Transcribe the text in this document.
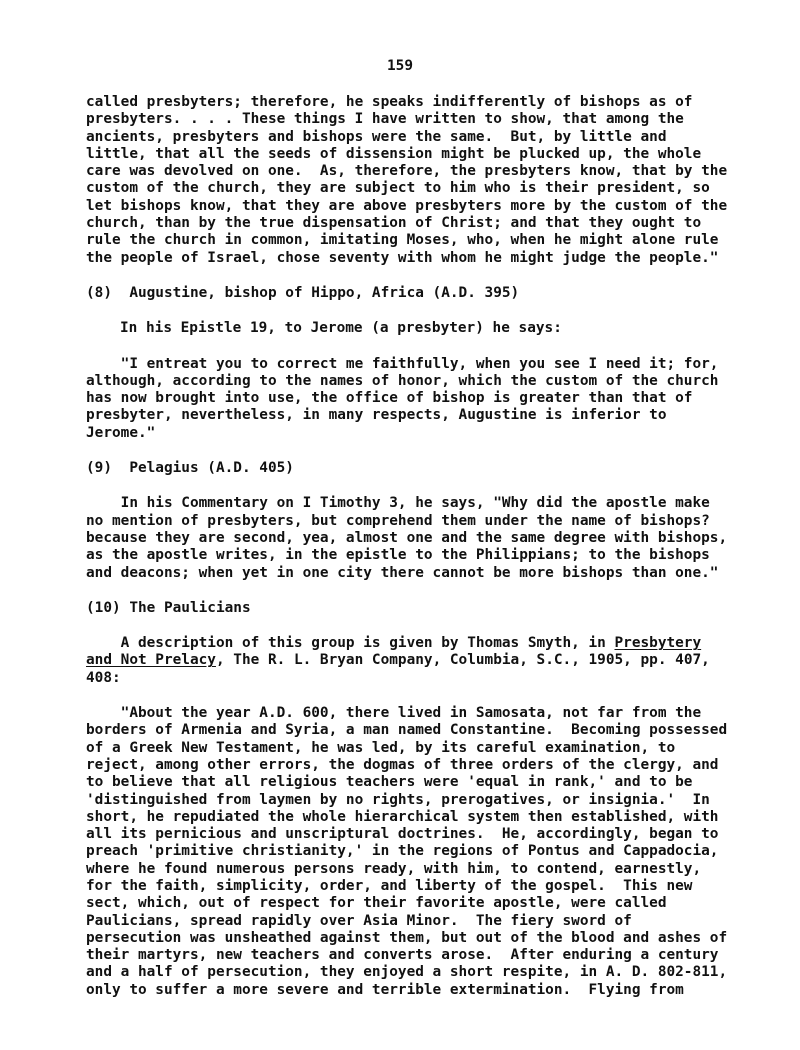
159
called presbyters; therefore, he speaks indifferently of bishops as of
presbyters. . . . These things I have written to show, that among the
ancients, presbyters and bishops were the same.  But, by little and
little, that all the seeds of dissension might be plucked up, the whole
care was devolved on one.  As, therefore, the presbyters know, that by the
custom of the church, they are subject to him who is their president, so
let bishops know, that they are above presbyters more by the custom of the
church, than by the true dispensation of Christ; and that they ought to
rule the church in common, imitating Moses, who, when he might alone rule
the people of Israel, chose seventy with whom he might judge the people."
(8)  Augustine, bishop of Hippo, Africa (A.D. 395)
In his Epistle 19, to Jerome (a presbyter) he says:
"I entreat you to correct me faithfully, when you see I need it; for,
although, according to the names of honor, which the custom of the church
has now brought into use, the office of bishop is greater than that of
presbyter, nevertheless, in many respects, Augustine is inferior to
Jerome."
(9)  Pelagius (A.D. 405)
In his Commentary on I Timothy 3, he says, "Why did the apostle make
no mention of presbyters, but comprehend them under the name of bishops?
because they are second, yea, almost one and the same degree with bishops,
as the apostle writes, in the epistle to the Philippians; to the bishops
and deacons; when yet in one city there cannot be more bishops than one."
(10) The Paulicians
A description of this group is given by Thomas Smyth, in Presbytery
and Not Prelacy, The R. L. Bryan Company, Columbia, S.C., 1905, pp. 407,
408:
"About the year A.D. 600, there lived in Samosata, not far from the
borders of Armenia and Syria, a man named Constantine.  Becoming possessed
of a Greek New Testament, he was led, by its careful examination, to
reject, among other errors, the dogmas of three orders of the clergy, and
to believe that all religious teachers were 'equal in rank,' and to be
'distinguished from laymen by no rights, prerogatives, or insignia.'  In
short, he repudiated the whole hierarchical system then established, with
all its pernicious and unscriptural doctrines.  He, accordingly, began to
preach 'primitive christianity,' in the regions of Pontus and Cappadocia,
where he found numerous persons ready, with him, to contend, earnestly,
for the faith, simplicity, order, and liberty of the gospel.  This new
sect, which, out of respect for their favorite apostle, were called
Paulicians, spread rapidly over Asia Minor.  The fiery sword of
persecution was unsheathed against them, but out of the blood and ashes of
their martyrs, new teachers and converts arose.  After enduring a century
and a half of persecution, they enjoyed a short respite, in A. D. 802-811,
only to suffer a more severe and terrible extermination.  Flying from
